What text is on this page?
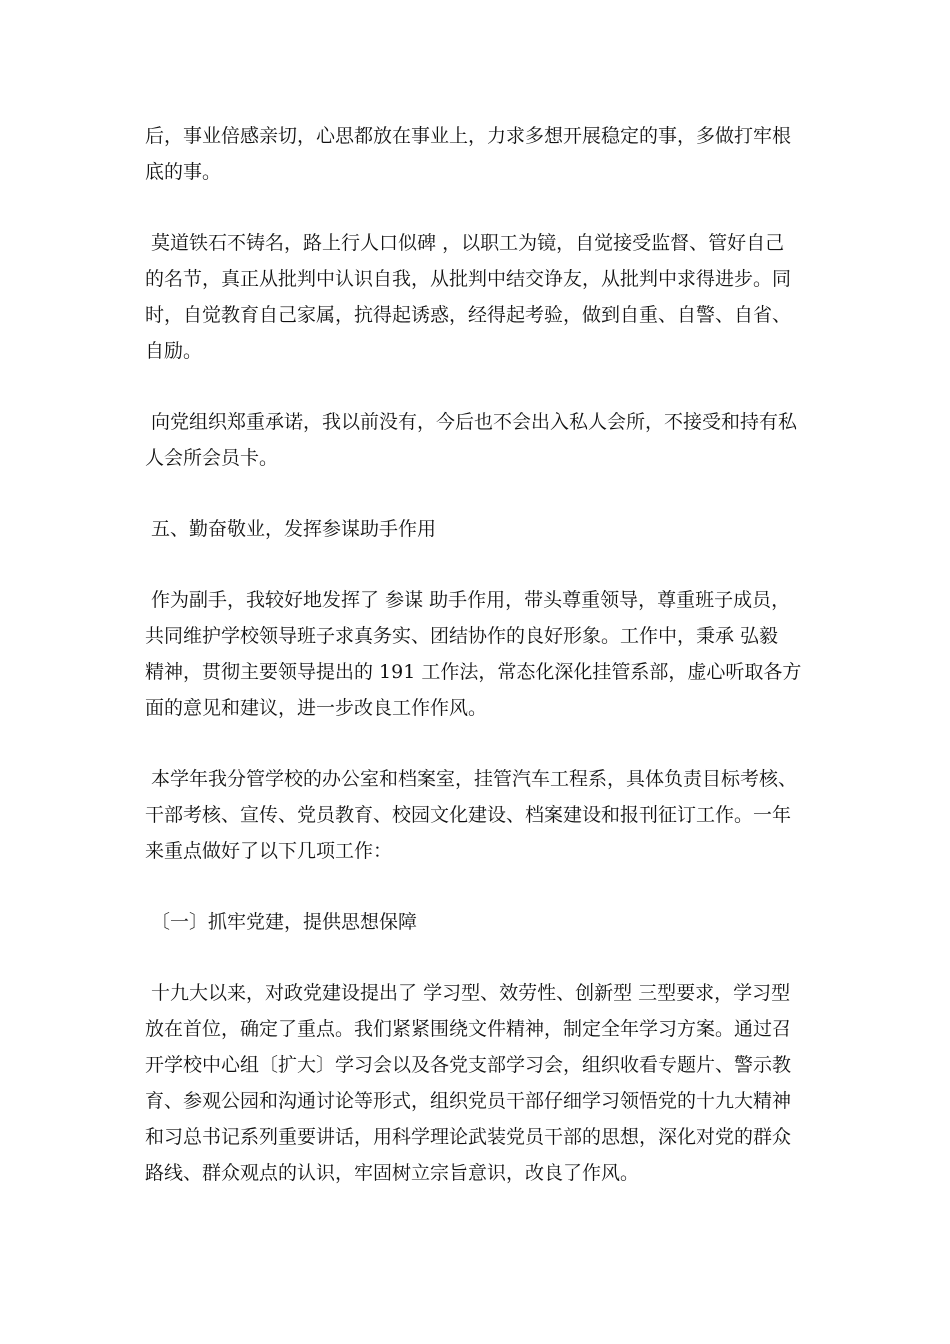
后，事业倍感亲切，心思都放在事业上，力求多想开展稳定的事，多做打牢根
底的事。

莫道铁石不铸名，路上行人口似碑 ，以职工为镜，自觉接受监督、管好自己
的名节，真正从批判中认识自我，从批判中结交诤友，从批判中求得进步。同
时，自觉教育自己家属，抗得起诱惑，经得起考验，做到自重、自警、自省、
自励。

向党组织郑重承诺，我以前没有，今后也不会出入私人会所，不接受和持有私
人会所会员卡。

五、勤奋敬业，发挥参谋助手作用

作为副手，我较好地发挥了 参谋 助手作用，带头尊重领导，尊重班子成员，
共同维护学校领导班子求真务实、团结协作的良好形象。工作中，秉承 弘毅
精神，贯彻主要领导提出的 191 工作法，常态化深化挂管系部，虚心听取各方
面的意见和建议，进一步改良工作作风。

本学年我分管学校的办公室和档案室，挂管汽车工程系，具体负责目标考核、
干部考核、宣传、党员教育、校园文化建设、档案建设和报刊征订工作。一年
来重点做好了以下几项工作：

〔一〕抓牢党建，提供思想保障

十九大以来，对政党建设提出了 学习型、效劳性、创新型 三型要求，学习型
放在首位，确定了重点。我们紧紧围绕文件精神，制定全年学习方案。通过召
开学校中心组〔扩大〕学习会以及各党支部学习会，组织收看专题片、警示教
育、参观公园和沟通讨论等形式，组织党员干部仔细学习领悟党的十九大精神
和习总书记系列重要讲话，用科学理论武装党员干部的思想，深化对党的群众
路线、群众观点的认识，牢固树立宗旨意识，改良了作风。
